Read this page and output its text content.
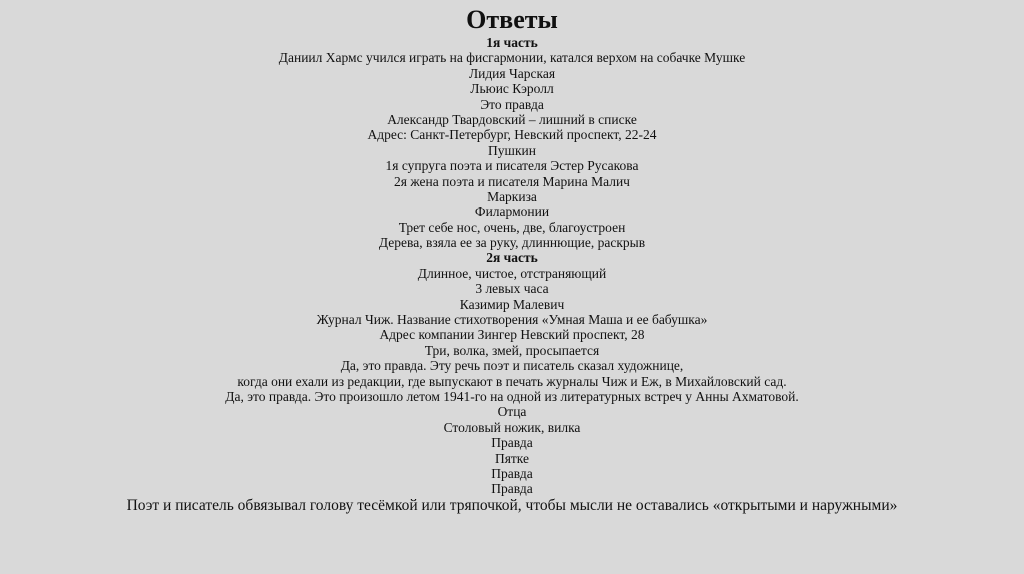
Ответы
1я часть
Даниил Хармс учился играть на фисгармонии, катался верхом на собачке Мушке
Лидия Чарская
Льюис Кэролл
Это правда
Александр Твардовский – лишний в списке
Адрес: Санкт-Петербург, Невский проспект, 22-24
Пушкин
1я супруга поэта и писателя Эстер Русакова
2я жена поэта и писателя Марина Малич
Маркиза
Филармонии
Трет себе нос, очень, две, благоустроен
Дерева, взяла ее за руку, длиннющие, раскрыв
2я часть
Длинное, чистое, отстраняющий
3 левых часа
Казимир Малевич
Журнал Чиж. Название стихотворения «Умная Маша и ее бабушка»
Адрес компании Зингер Невский проспект, 28
Три, волка, змей, просыпается
Да, это правда. Эту речь поэт и писатель сказал художнице,
когда они ехали из редакции, где выпускают в печать журналы Чиж и Еж, в Михайловский сад.
Да, это правда. Это произошло летом 1941-го на одной из литературных встреч у Анны Ахматовой.
Отца
Столовый ножик, вилка
Правда
Пятке
Правда
Правда
Поэт и писатель обвязывал голову тесёмкой или тряпочкой, чтобы мысли не оставались «открытыми и наружными»
